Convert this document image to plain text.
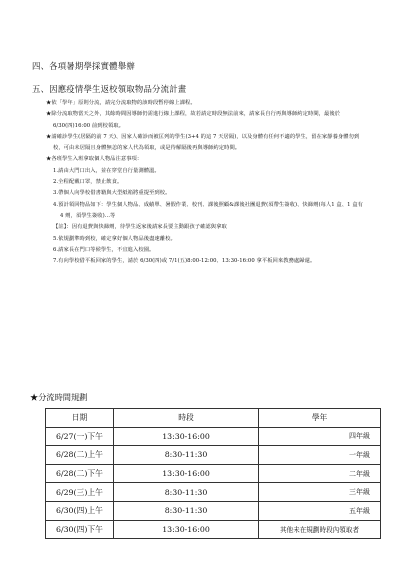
四、各項暑期學採實體舉辦
五、因應疫情學生返校領取物品分流計畫

★依「學年」原則分流，請完分流取物的該時段暫停線上課程。

★除分流取物當天之外，其餘時間因導師仍需進行線上課程，故若請定時段無法前來，請家長自行再與導師約定時間，最後於 6/30(四)16:00 前到校領取。

★請確診學生(居隔的前 7 天)、因家人確診而被匡列的學生(3+4 的這 7 天居隔)，以及身體有任何不適的學生，留在家靜養身體勿到校，可由未居隔且身體無恙的家人代為領取，或是待解隔後再與導師約定時間。

★各班學生入班拿取個人物品注意事項：

1.請由大門口出入，並在穿堂自行量測體溫。

2.全程配戴口罩，禁止飲食。

3.帶個人向學校借書籍與大型紙箱將重提至到校。

4.預計領回物品如下：學生個人物品、成績單、暑假作業、校刊、課後照顧&課後社團退費(須帶生簽收)、快篩劑(每人1 盒、1 盒有 4 劑，須學生簽收)…等

【註】：因有退費與快篩劑，待學生返家後請家長要主動跟孩子確認與拿取

5.依規劃準時到校，確定拿好個人物品後盡速離校。

6.請家長在門口等候學生，不宜進入校園。

7.有向學校借平板回家的學生，請於 6/30(四)或 7/1(五)8:00-12:00、13:30-16:00 拿平板回來教務處歸還。

★分流時間規劃
日期	時段	學年
6/27(一)下午	13:30-16:00	四年級
6/28(二)上午	8:30-11:30	一年級
6/28(二)下午	13:30-16:00	二年級
6/29(三)上午	8:30-11:30	三年級
6/30(四)上午	8:30-11:30	五年級
6/30(四)下午	13:30-16:00	其他未在規劃時段內領取者
